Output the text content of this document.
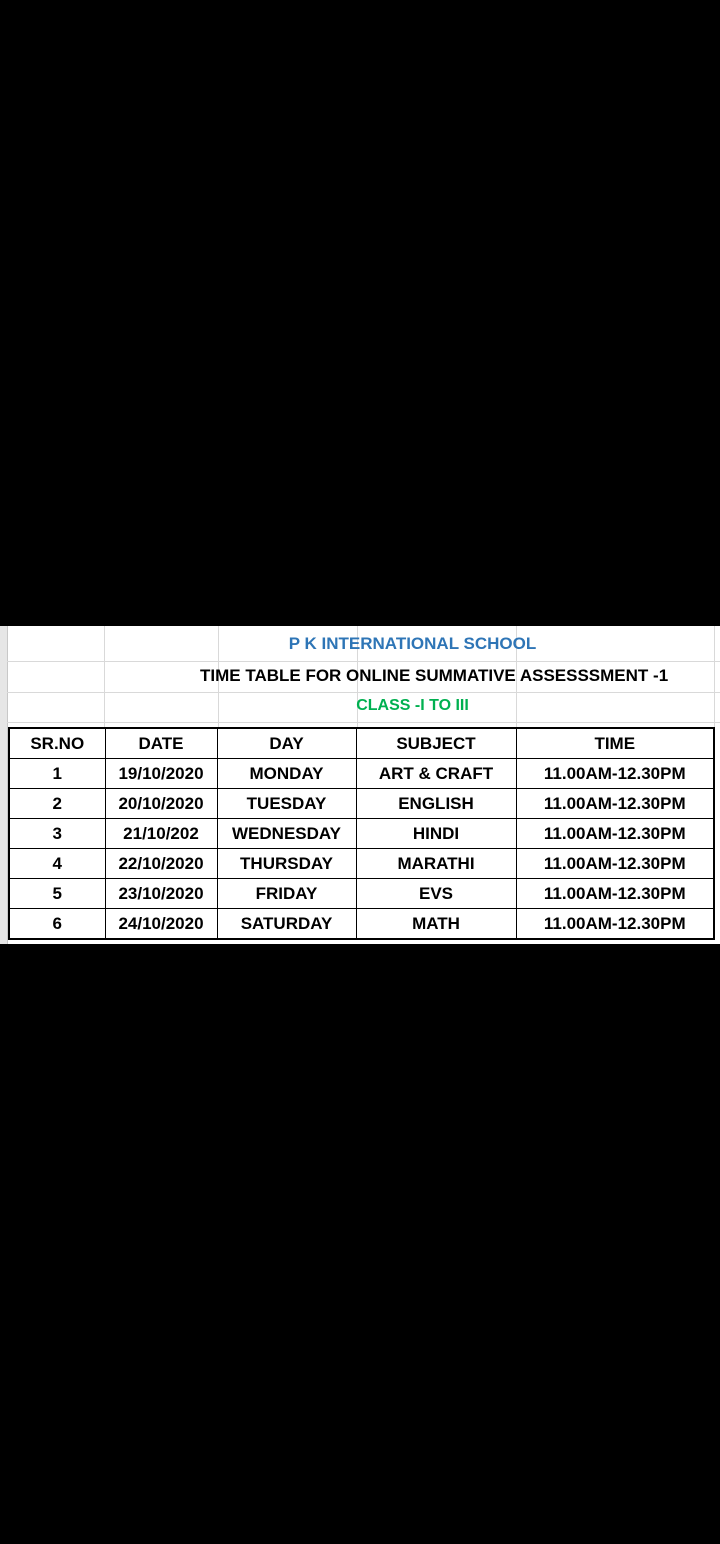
P K INTERNATIONAL SCHOOL
TIME TABLE FOR ONLINE SUMMATIVE ASSESSSMENT -1
CLASS -I TO III
SR.NO	DATE	DAY	SUBJECT	TIME
1	19/10/2020	MONDAY	ART & CRAFT	11.00AM-12.30PM
2	20/10/2020	TUESDAY	ENGLISH	11.00AM-12.30PM
3	21/10/202	WEDNESDAY	HINDI	11.00AM-12.30PM
4	22/10/2020	THURSDAY	MARATHI	11.00AM-12.30PM
5	23/10/2020	FRIDAY	EVS	11.00AM-12.30PM
6	24/10/2020	SATURDAY	MATH	11.00AM-12.30PM
